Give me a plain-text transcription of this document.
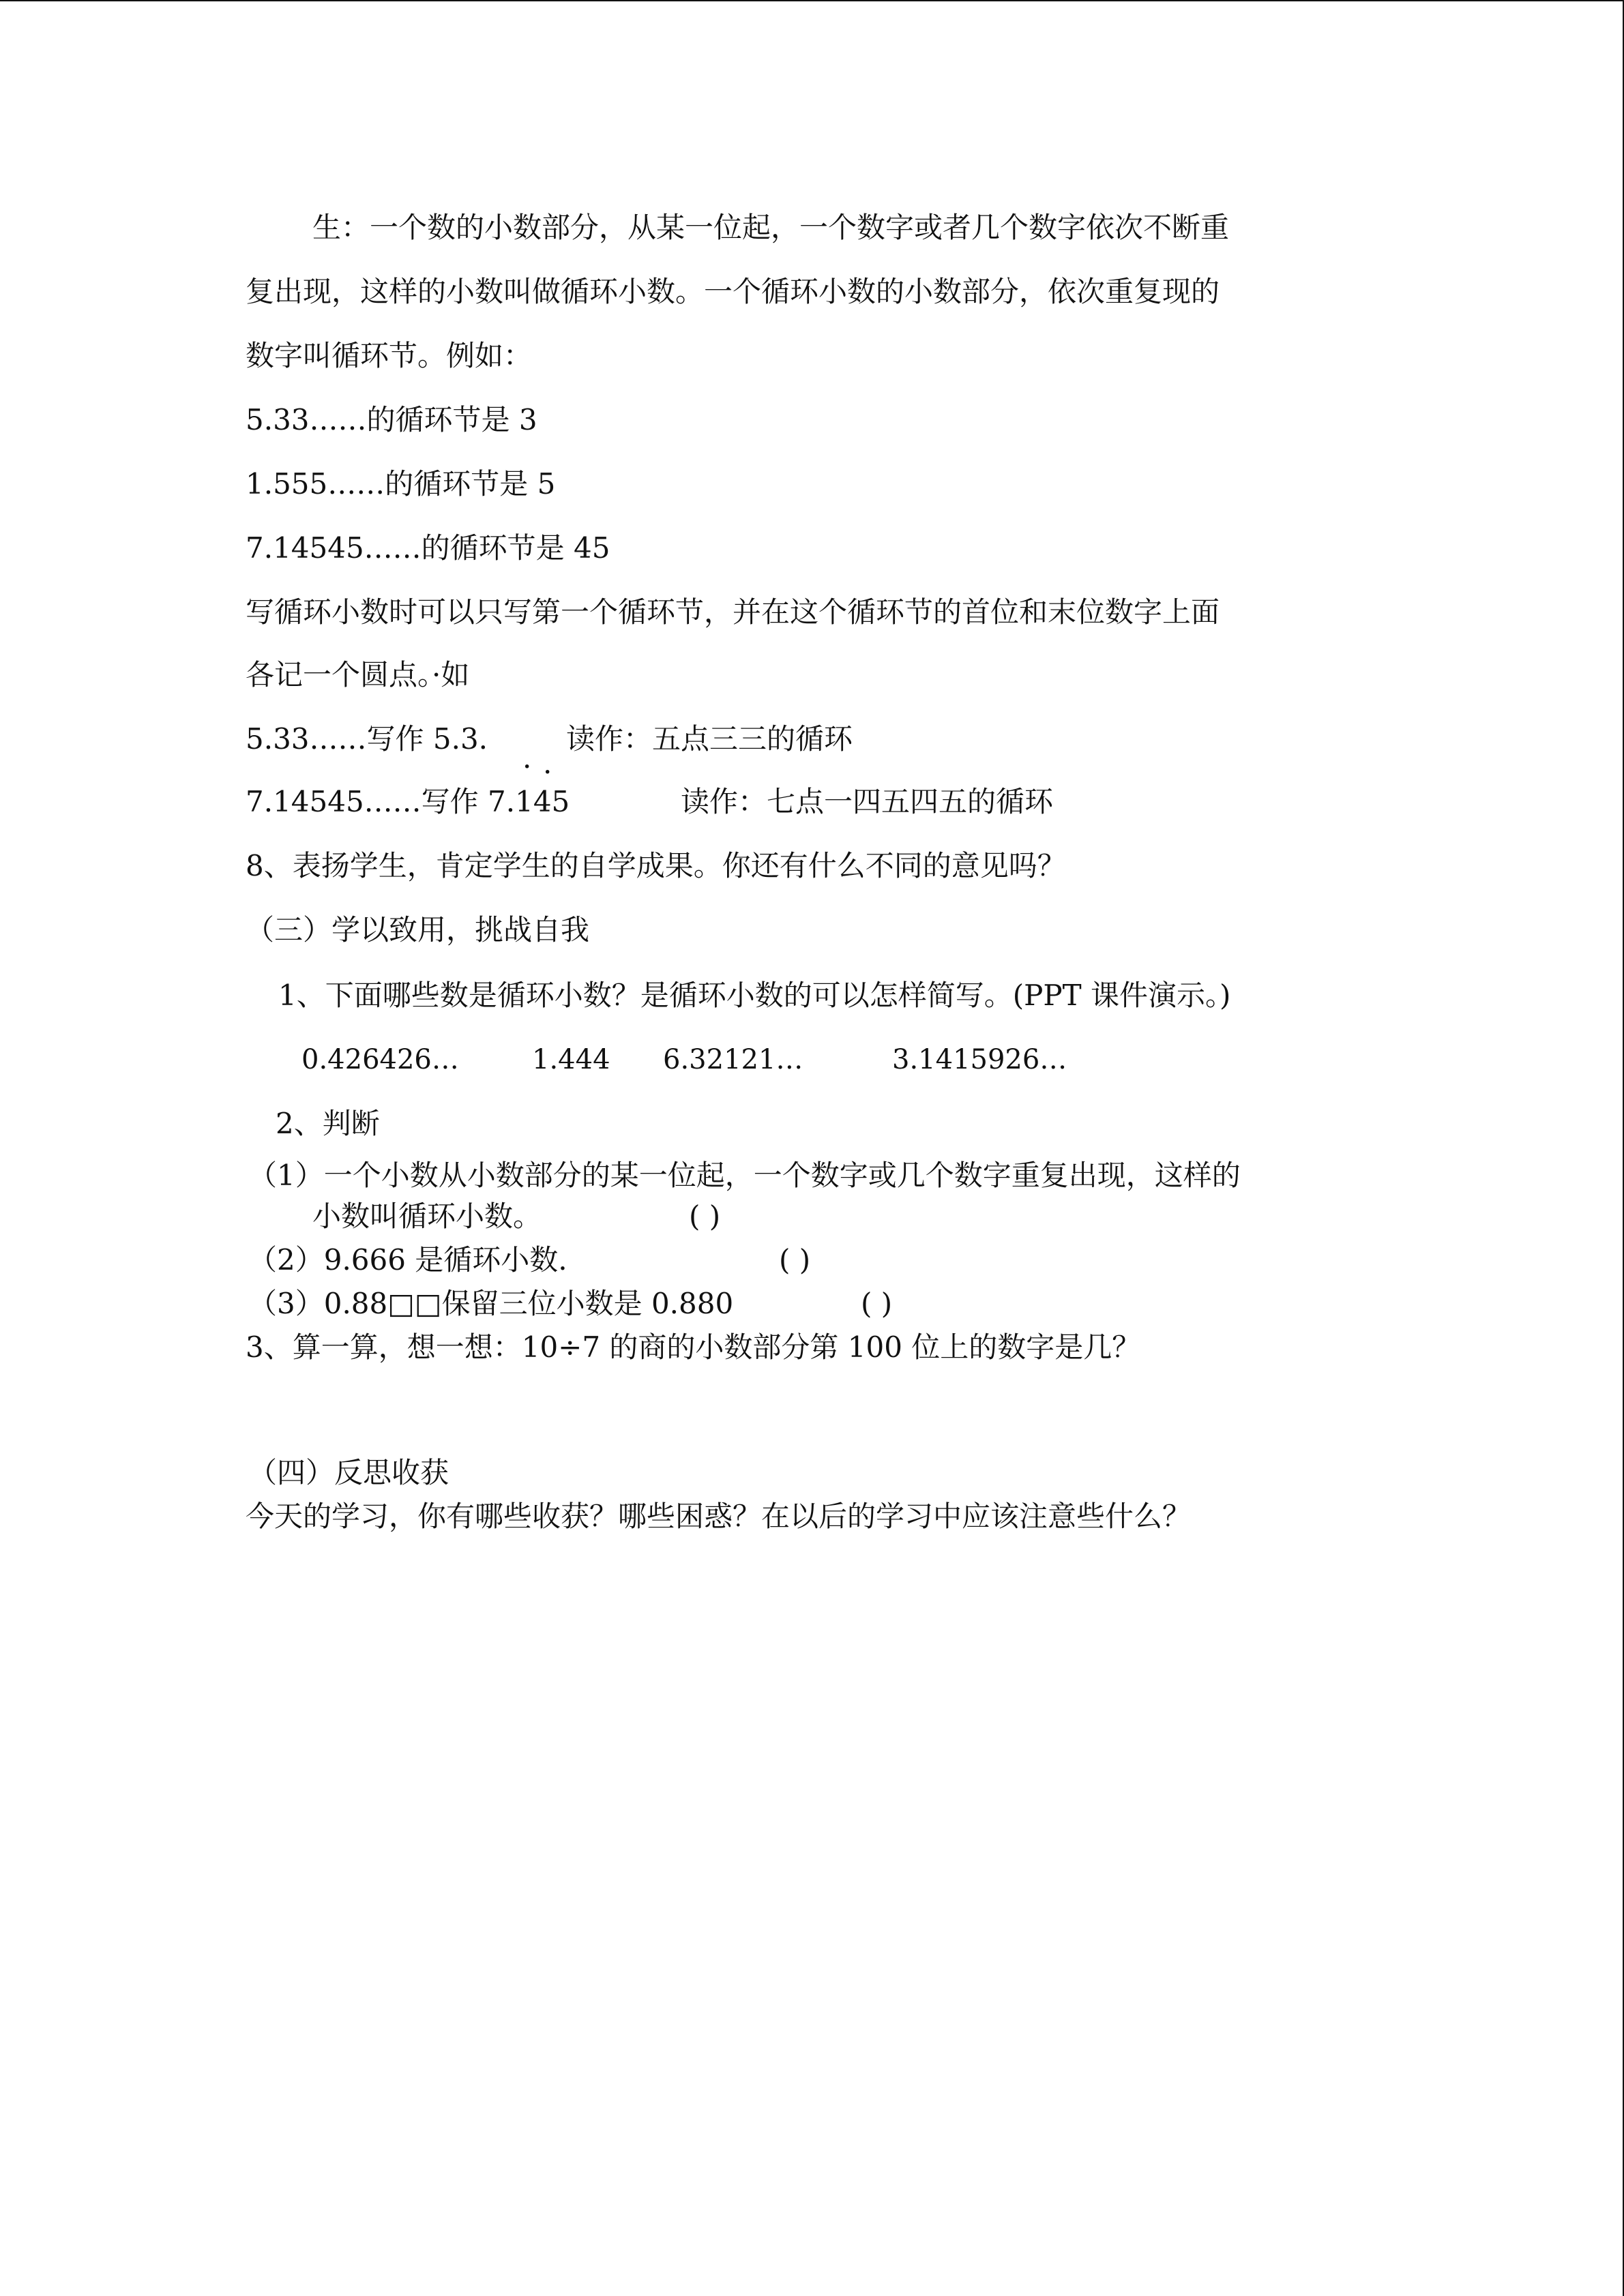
生：一个数的小数部分，从某一位起，一个数字或者几个数字依次不断重
复出现，这样的小数叫做循环小数。一个循环小数的小数部分，依次重复现的
数字叫循环节。例如：
5.33……的循环节是 3
1.555……的循环节是 5
7.14545……的循环节是 45
写循环小数时可以只写第一个循环节，并在这个循环节的首位和末位数字上面
各记一个圆点。·如
5.33……写作 5.3.
. .
读作：五点三三的循环
7.14545……写作 7.145	读作：七点一四五四五的循环
8、表扬学生，肯定学生的自学成果。你还有什么不同的意见吗？
（三）学以致用，挑战自我
1、下面哪些数是循环小数？是循环小数的可以怎样简写。(PPT 课件演示。)
0.426426…	1.444 6.32121…	3.1415926…
2、判断
（1）一个小数从小数部分的某一位起，一个数字或几个数字重复出现，这样的
小数叫循环小数。	( )
（2）9.666 是循环小数.	( )
（3）0.88□□保留三位小数是 0.880	( )
3、算一算，想一想：10÷7 的商的小数部分第 100 位上的数字是几？
（四）反思收获
今天的学习，你有哪些收获？哪些困惑？在以后的学习中应该注意些什么？
